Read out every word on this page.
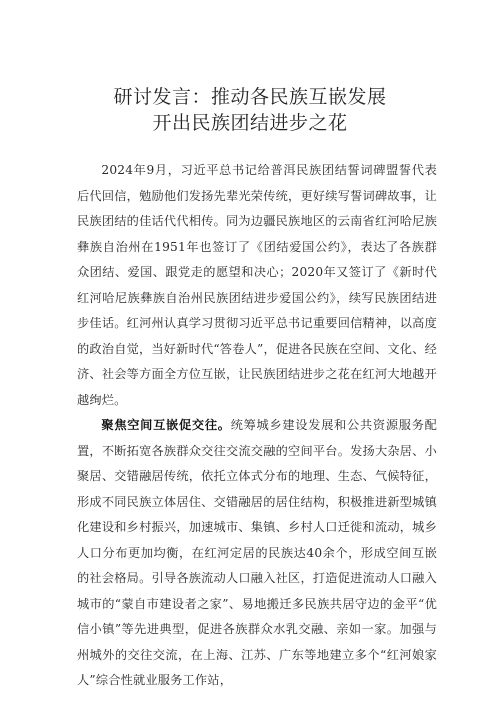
研讨发言：推动各民族互嵌发展
开出民族团结进步之花

2024年9月，习近平总书记给普洱民族团结誓词碑盟誓代表后代回信，勉励他们发扬先辈光荣传统，更好续写誓词碑故事，让民族团结的佳话代代相传。同为边疆民族地区的云南省红河哈尼族彝族自治州在1951年也签订了《团结爱国公约》，表达了各族群众团结、爱国、跟党走的愿望和决心；2020年又签订了《新时代红河哈尼族彝族自治州民族团结进步爱国公约》，续写民族团结进步佳话。红河州认真学习贯彻习近平总书记重要回信精神，以高度的政治自觉，当好新时代“答卷人”，促进各民族在空间、文化、经济、社会等方面全方位互嵌，让民族团结进步之花在红河大地越开越绚烂。

聚焦空间互嵌促交往。统筹城乡建设发展和公共资源服务配置，不断拓宽各族群众交往交流交融的空间平台。发扬大杂居、小聚居、交错融居传统，依托立体式分布的地理、生态、气候特征，形成不同民族立体居住、交错融居的居住结构，积极推进新型城镇化建设和乡村振兴，加速城市、集镇、乡村人口迁徙和流动，城乡人口分布更加均衡，在红河定居的民族达40余个，形成空间互嵌的社会格局。引导各族流动人口融入社区，打造促进流动人口融入城市的“蒙自市建设者之家”、易地搬迁多民族共居守边的金平“优信小镇”等先进典型，促进各族群众水乳交融、亲如一家。加强与州城外的交往交流，在上海、江苏、广东等地建立多个“红河娘家人”综合性就业服务工作站，
